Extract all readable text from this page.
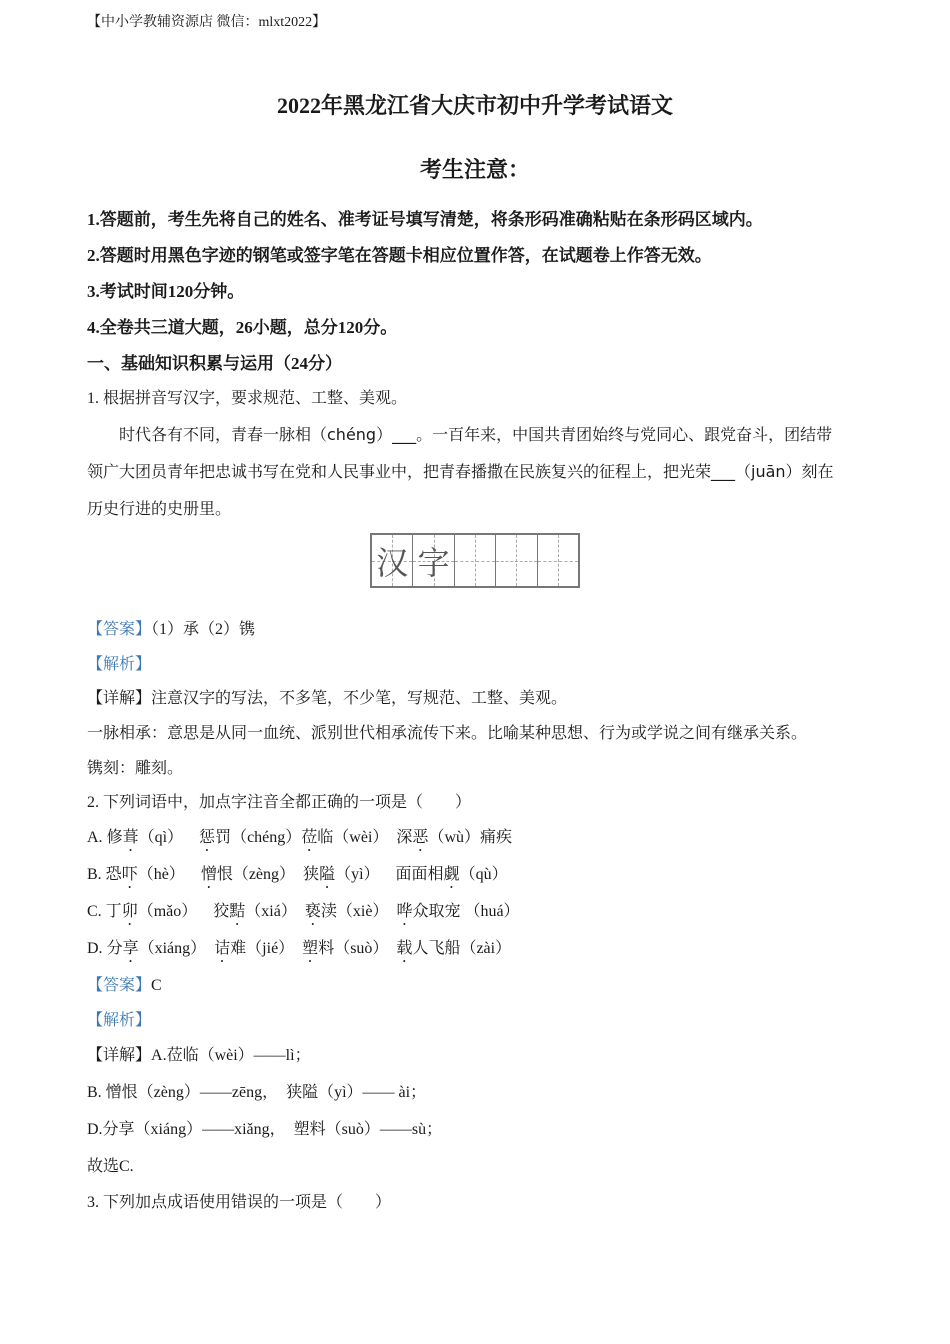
【中小学教辅资源店 微信：mlxt2022】
2022年黑龙江省大庆市初中升学考试语文
考生注意：
1.答题前，考生先将自己的姓名、准考证号填写清楚，将条形码准确粘贴在条形码区域内。
2.答题时用黑色字迹的钢笔或签字笔在答题卡相应位置作答，在试题卷上作答无效。
3.考试时间120分钟。
4.全卷共三道大题，26小题，总分120分。
一、基础知识积累与运用（24分）
1. 根据拼音写汉字，要求规范、工整、美观。
时代各有不同，青春一脉相（chéng）___。一百年来，中国共青团始终与党同心、跟党奋斗，团结带
领广大团员青年把忠诚书写在党和人民事业中，把青春播撒在民族复兴的征程上，把光荣___（juān）刻在
历史行进的史册里。
汉 字
【答案】（1）承（2）镌
【解析】
【详解】注意汉字的写法，不多笔，不少笔，写规范、工整、美观。
一脉相承：意思是从同一血统、派别世代相承流传下来。比喻某种思想、行为或学说之间有继承关系。
镌刻：雕刻。
2. 下列词语中，加点字注音全都正确的一项是（　　）
A. 修葺（qì）  惩罚（chéng）莅临（wèi）  深恶（wù）痛疾
B. 恐吓（hè）  憎恨（zèng）  狭隘（yì）  面面相觑（qù）
C. 丁卯（mǎo）  狡黠（xiá）  亵渎（xiè）  哗众取宠 （huá）
D. 分享（xiáng）  诘难（jié）  塑料（suò）  载人飞船（zài）
【答案】C
【解析】
【详解】A.莅临（wèi）——lì；
B. 憎恨（zèng）——zēng，　狭隘（yì）—— ài；
D.分享（xiáng）——xiǎng，　塑料（suò）——sù；
故选C.
3. 下列加点成语使用错误的一项是（　　）
